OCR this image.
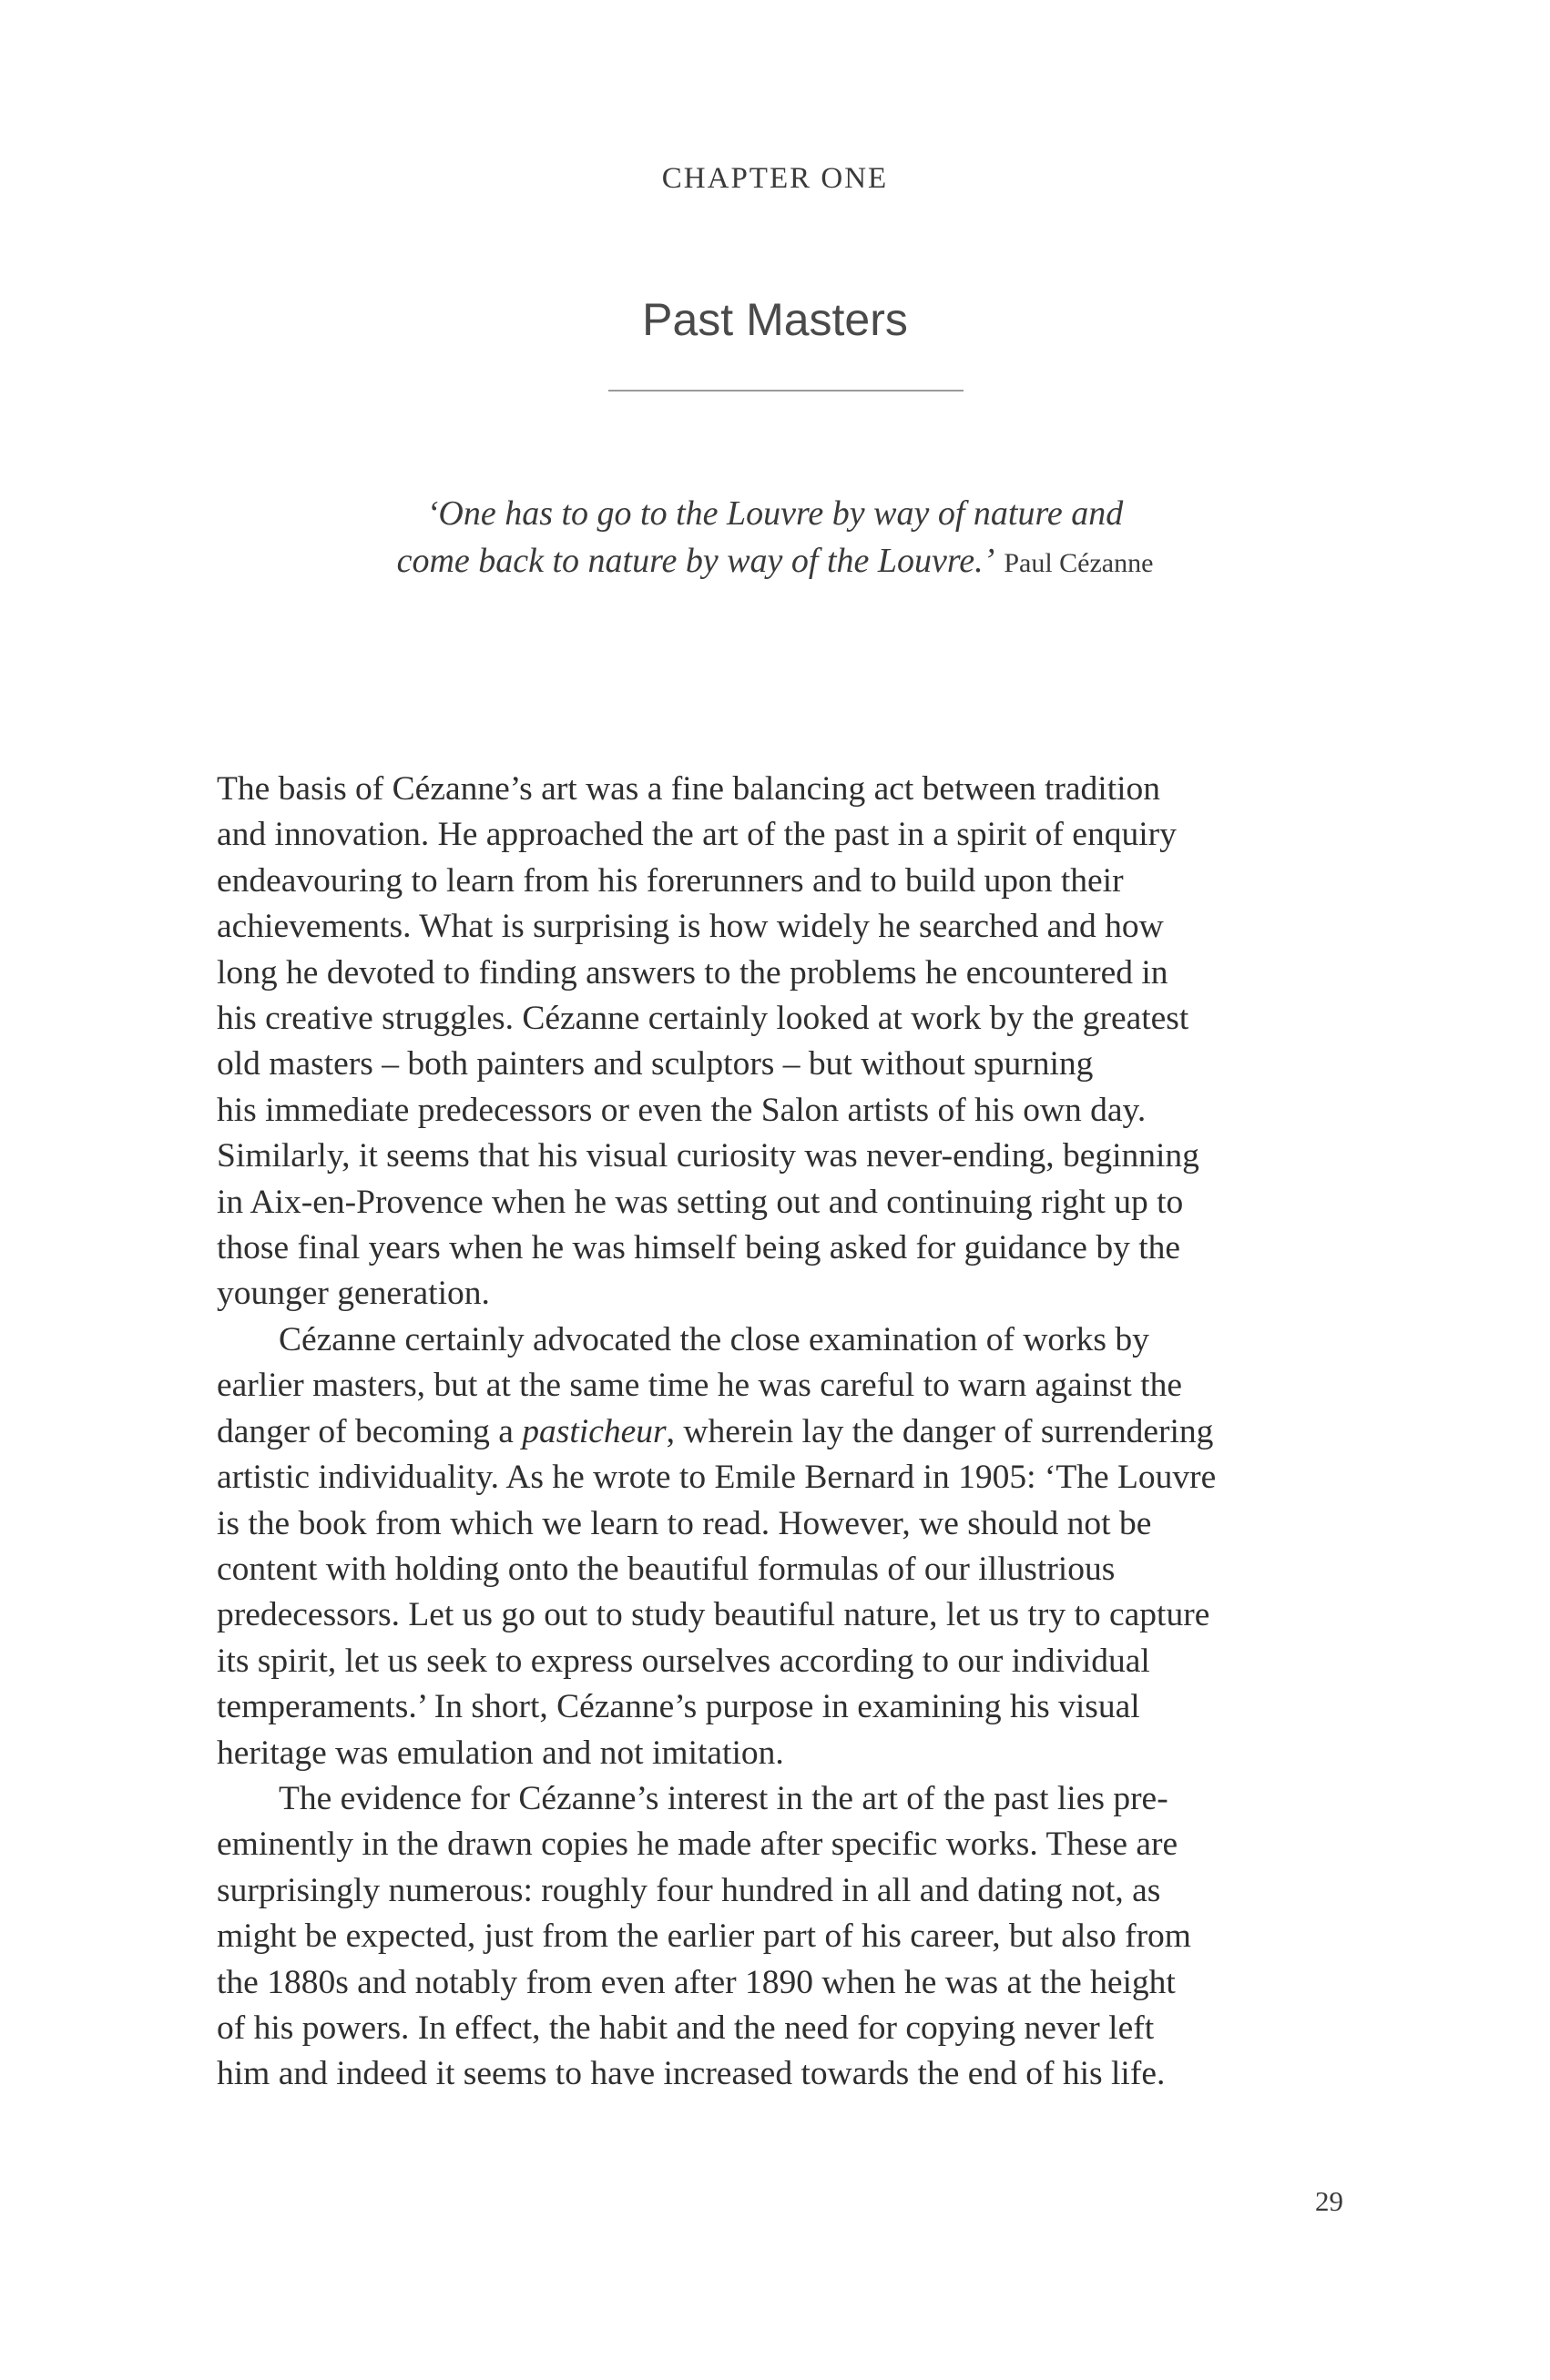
CHAPTER ONE
Past Masters
‘One has to go to the Louvre by way of nature and
come back to nature by way of the Louvre.’ Paul Cézanne
The basis of Cézanne’s art was a fine balancing act between tradition
and innovation. He approached the art of the past in a spirit of enquiry
endeavouring to learn from his forerunners and to build upon their
achievements. What is surprising is how widely he searched and how
long he devoted to finding answers to the problems he encountered in
his creative struggles. Cézanne certainly looked at work by the greatest
old masters – both painters and sculptors – but without spurning
his immediate predecessors or even the Salon artists of his own day.
Similarly, it seems that his visual curiosity was never-ending, beginning
in Aix-en-Provence when he was setting out and continuing right up to
those final years when he was himself being asked for guidance by the
younger generation.
Cézanne certainly advocated the close examination of works by
earlier masters, but at the same time he was careful to warn against the
danger of becoming a pasticheur, wherein lay the danger of surrendering
artistic individuality. As he wrote to Emile Bernard in 1905: ‘The Louvre
is the book from which we learn to read. However, we should not be
content with holding onto the beautiful formulas of our illustrious
predecessors. Let us go out to study beautiful nature, let us try to capture
its spirit, let us seek to express ourselves according to our individual
temperaments.’ In short, Cézanne’s purpose in examining his visual
heritage was emulation and not imitation.
The evidence for Cézanne’s interest in the art of the past lies pre-
eminently in the drawn copies he made after specific works. These are
surprisingly numerous: roughly four hundred in all and dating not, as
might be expected, just from the earlier part of his career, but also from
the 1880s and notably from even after 1890 when he was at the height
of his powers. In effect, the habit and the need for copying never left
him and indeed it seems to have increased towards the end of his life.
29
